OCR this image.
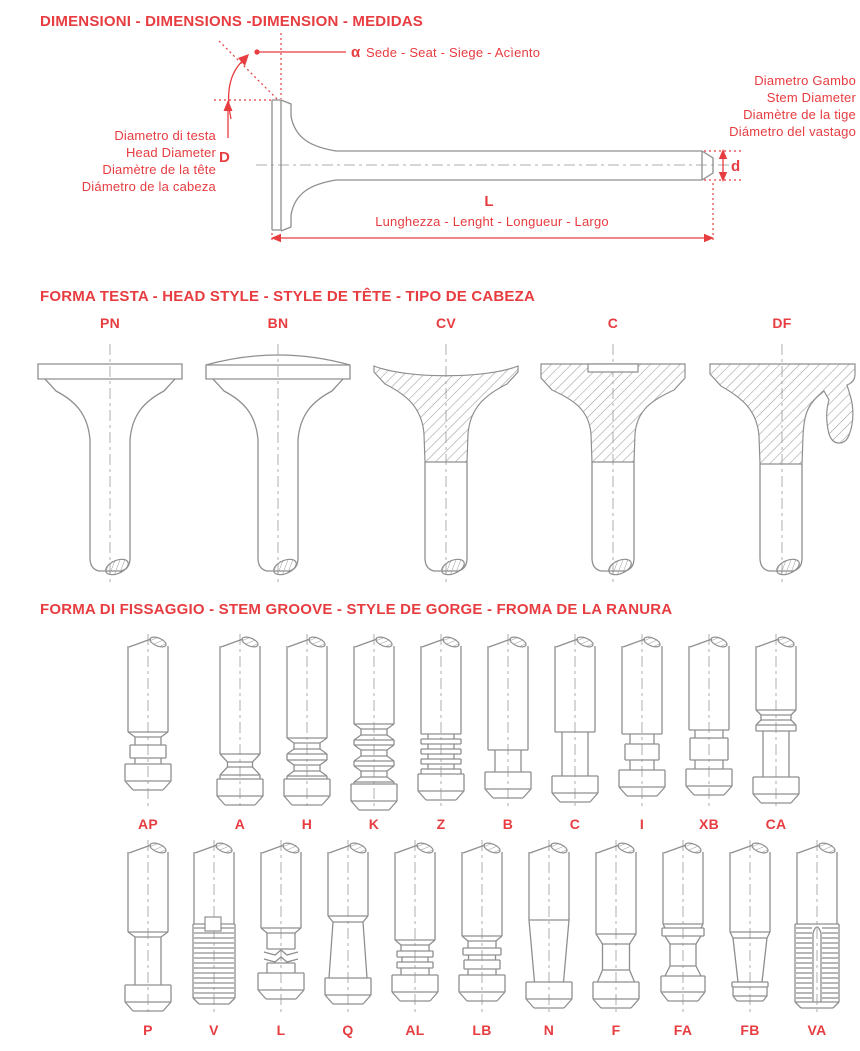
DIMENSIONI - DIMENSIONS -DIMENSION - MEDIDAS
α Sede - Seat - Siege - Acìento
Diametro di testa
Head Diameter
Diamètre de la tête
Diámetro de la cabeza
D
Diametro Gambo
Stem Diameter
Diamètre de la tige
Diámetro del vastago
d
L
Lunghezza - Lenght - Longueur - Largo
FORMA TESTA - HEAD STYLE - STYLE DE TÊTE - TIPO DE CABEZA
FORMA DI FISSAGGIO - STEM GROOVE - STYLE DE GORGE - FROMA DE LA RANURA
AP	A	H	K	Z	B	C	I	XB	CA
P	V	L	Q	AL	LB	N	F	FA	FB	VA
PN	BN	CV	C	DF
